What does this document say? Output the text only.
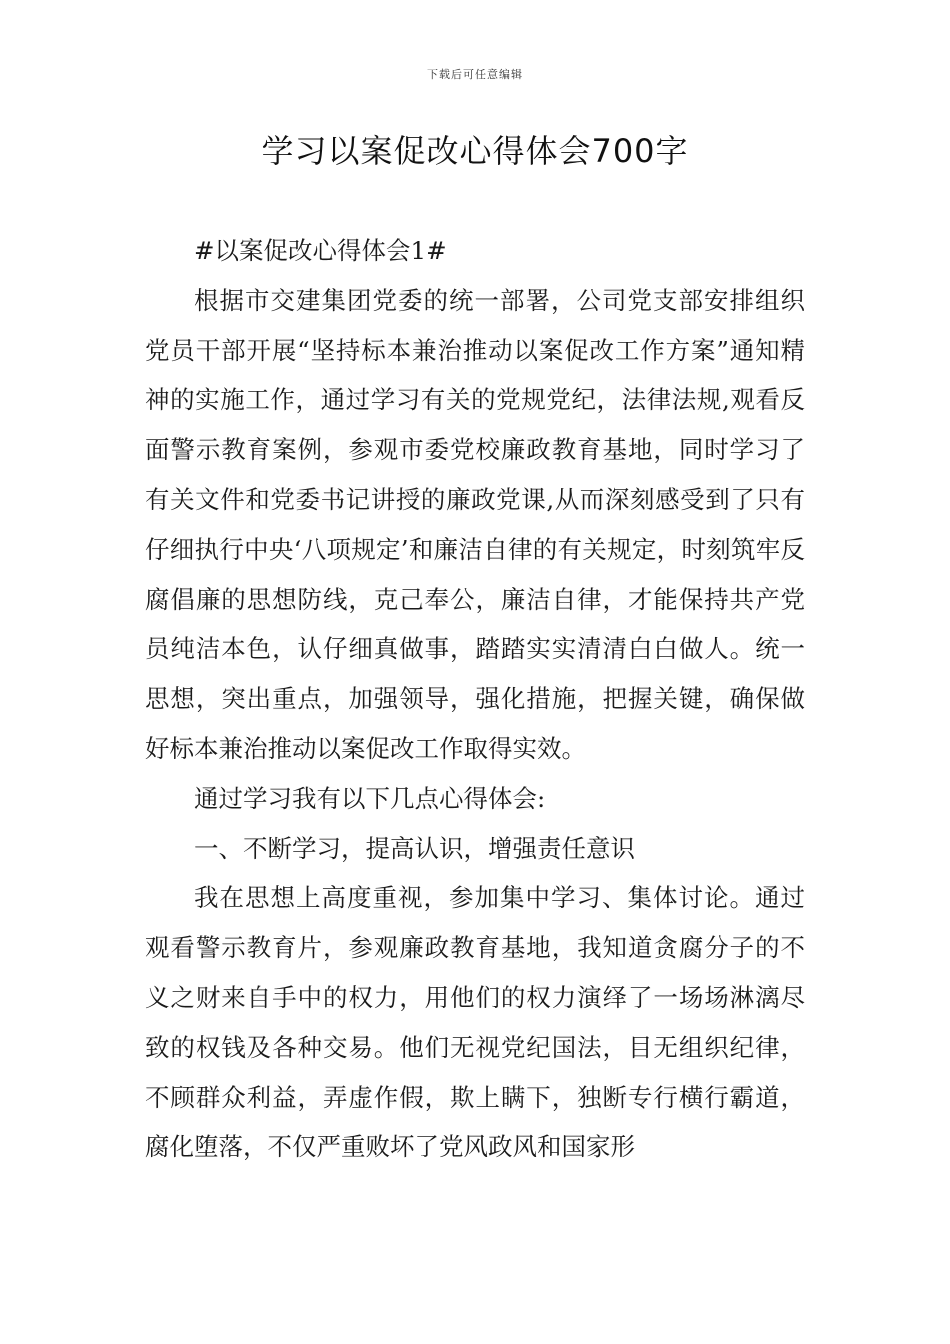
下载后可任意编辑
学习以案促改心得体会700字

#以案促改心得体会1#

根据市交建集团党委的统一部署，公司党支部安排组织党员干部开展“坚持标本兼治推动以案促改工作方案”通知精神的实施工作，通过学习有关的党规党纪，法律法规,观看反面警示教育案例，参观市委党校廉政教育基地，同时学习了有关文件和党委书记讲授的廉政党课,从而深刻感受到了只有仔细执行中央‘八项规定’和廉洁自律的有关规定，时刻筑牢反腐倡廉的思想防线，克己奉公，廉洁自律，才能保持共产党员纯洁本色，认仔细真做事，踏踏实实清清白白做人。统一思想，突出重点，加强领导，强化措施，把握关键，确保做好标本兼治推动以案促改工作取得实效。

通过学习我有以下几点心得体会:

一、不断学习，提高认识，增强责任意识

我在思想上高度重视，参加集中学习、集体讨论。通过观看警示教育片，参观廉政教育基地，我知道贪腐分子的不义之财来自手中的权力，用他们的权力演绎了一场场淋漓尽致的权钱及各种交易。他们无视党纪国法，目无组织纪律，不顾群众利益，弄虚作假，欺上瞒下，独断专行横行霸道，腐化堕落，不仅严重败坏了党风政风和国家形
